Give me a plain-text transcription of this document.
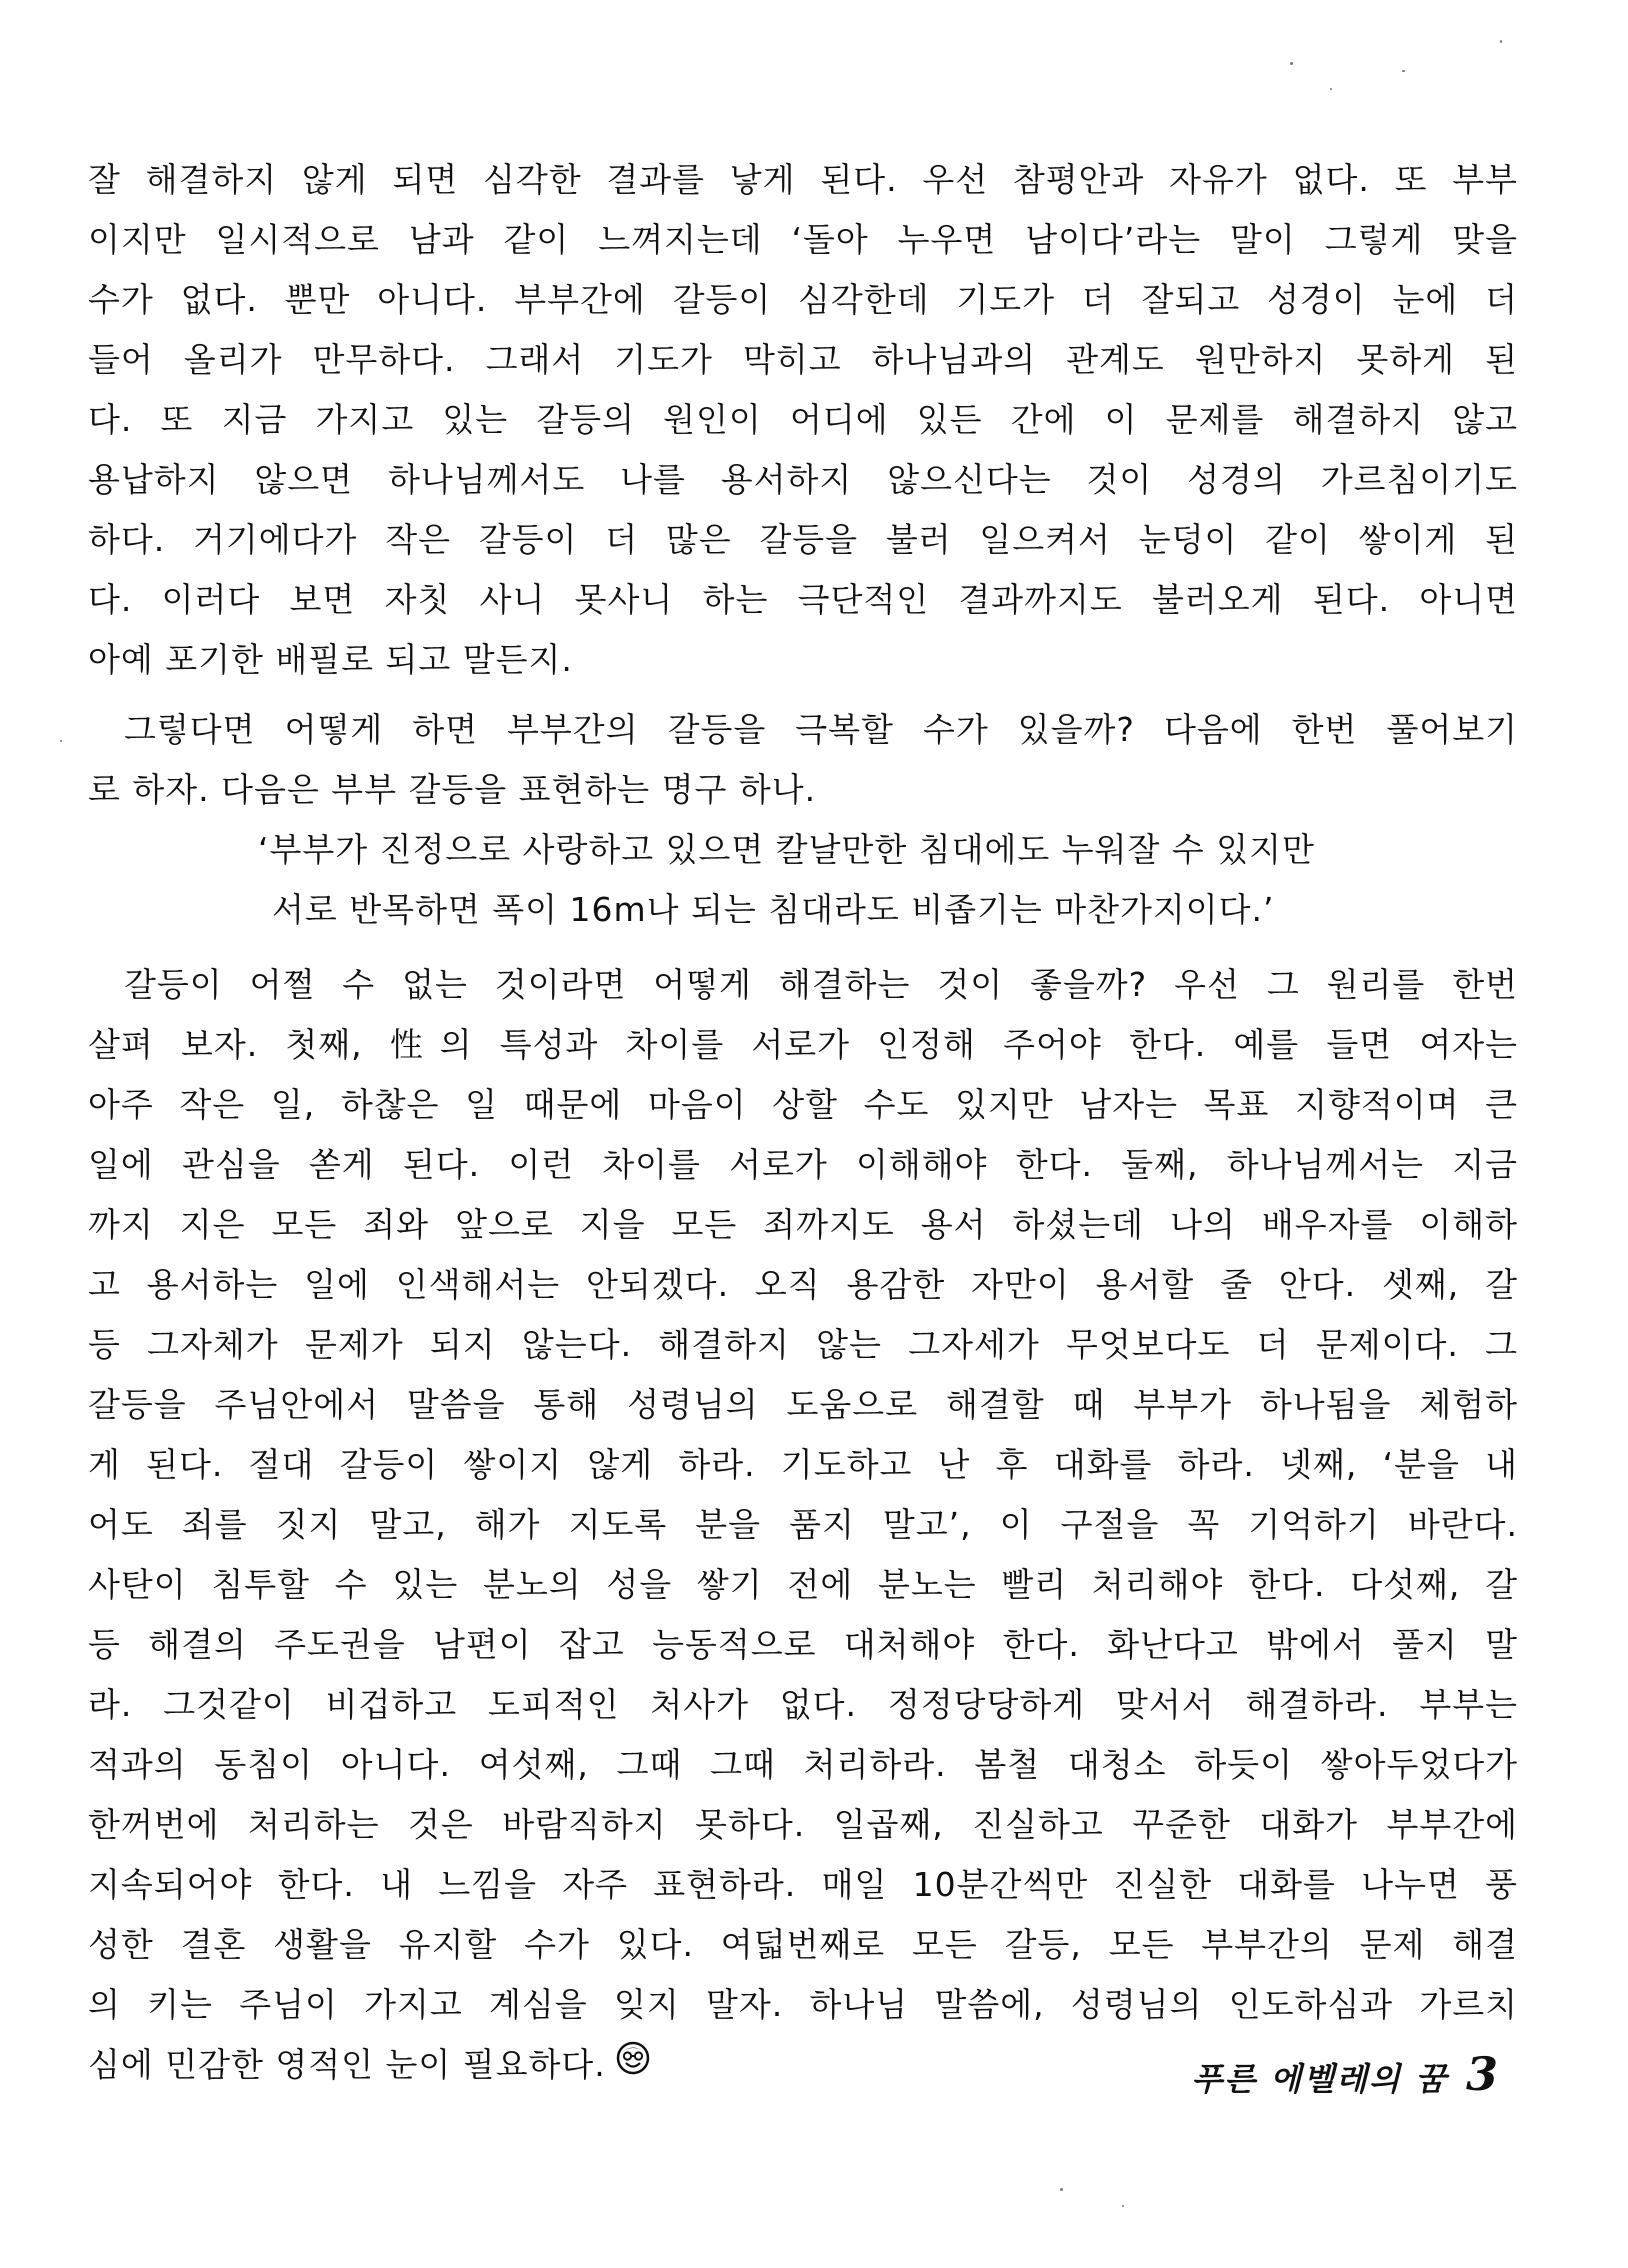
잘 해결하지 않게 되면 심각한 결과를 낳게 된다. 우선 참평안과 자유가 없다. 또 부부
이지만 일시적으로 남과 같이 느껴지는데 ‘돌아 누우면 남이다’라는 말이 그렇게 맞을
수가 없다. 뿐만 아니다. 부부간에 갈등이 심각한데 기도가 더 잘되고 성경이 눈에 더
들어 올리가 만무하다. 그래서 기도가 막히고 하나님과의 관계도 원만하지 못하게 된
다. 또 지금 가지고 있는 갈등의 원인이 어디에 있든 간에 이 문제를 해결하지 않고
용납하지 않으면 하나님께서도 나를 용서하지 않으신다는 것이 성경의 가르침이기도
하다. 거기에다가 작은 갈등이 더 많은 갈등을 불러 일으켜서 눈덩이 같이 쌓이게 된
다. 이러다 보면 자칫 사니 못사니 하는 극단적인 결과까지도 불러오게 된다. 아니면
아예 포기한 배필로 되고 말든지.
그렇다면 어떻게 하면 부부간의 갈등을 극복할 수가 있을까? 다음에 한번 풀어보기
로 하자. 다음은 부부 갈등을 표현하는 명구 하나.
‘부부가 진정으로 사랑하고 있으면 칼날만한 침대에도 누워잘 수 있지만
서로 반목하면 폭이 16m나 되는 침대라도 비좁기는 마찬가지이다.’
갈등이 어쩔 수 없는 것이라면 어떻게 해결하는 것이 좋을까? 우선 그 원리를 한번
살펴 보자. 첫째, 性의 특성과 차이를 서로가 인정해 주어야 한다. 예를 들면 여자는
아주 작은 일, 하찮은 일 때문에 마음이 상할 수도 있지만 남자는 목표 지향적이며 큰
일에 관심을 쏟게 된다. 이런 차이를 서로가 이해해야 한다. 둘째, 하나님께서는 지금
까지 지은 모든 죄와 앞으로 지을 모든 죄까지도 용서 하셨는데 나의 배우자를 이해하
고 용서하는 일에 인색해서는 안되겠다. 오직 용감한 자만이 용서할 줄 안다. 셋째, 갈
등 그자체가 문제가 되지 않는다. 해결하지 않는 그자세가 무엇보다도 더 문제이다. 그
갈등을 주님안에서 말씀을 통해 성령님의 도움으로 해결할 때 부부가 하나됨을 체험하
게 된다. 절대 갈등이 쌓이지 않게 하라. 기도하고 난 후 대화를 하라. 넷째, ‘분을 내
어도 죄를 짓지 말고, 해가 지도록 분을 품지 말고’, 이 구절을 꼭 기억하기 바란다.
사탄이 침투할 수 있는 분노의 성을 쌓기 전에 분노는 빨리 처리해야 한다. 다섯째, 갈
등 해결의 주도권을 남편이 잡고 능동적으로 대처해야 한다. 화난다고 밖에서 풀지 말
라. 그것같이 비겁하고 도피적인 처사가 없다. 정정당당하게 맞서서 해결하라. 부부는
적과의 동침이 아니다. 여섯째, 그때 그때 처리하라. 봄철 대청소 하듯이 쌓아두었다가
한꺼번에 처리하는 것은 바람직하지 못하다. 일곱째, 진실하고 꾸준한 대화가 부부간에
지속되어야 한다. 내 느낌을 자주 표현하라. 매일 10분간씩만 진실한 대화를 나누면 풍
성한 결혼 생활을 유지할 수가 있다. 여덟번째로 모든 갈등, 모든 부부간의 문제 해결
의 키는 주님이 가지고 계심을 잊지 말자. 하나님 말씀에, 성령님의 인도하심과 가르치
심에 민감한 영적인 눈이 필요하다.	푸른 에벨레의 꿈 3
